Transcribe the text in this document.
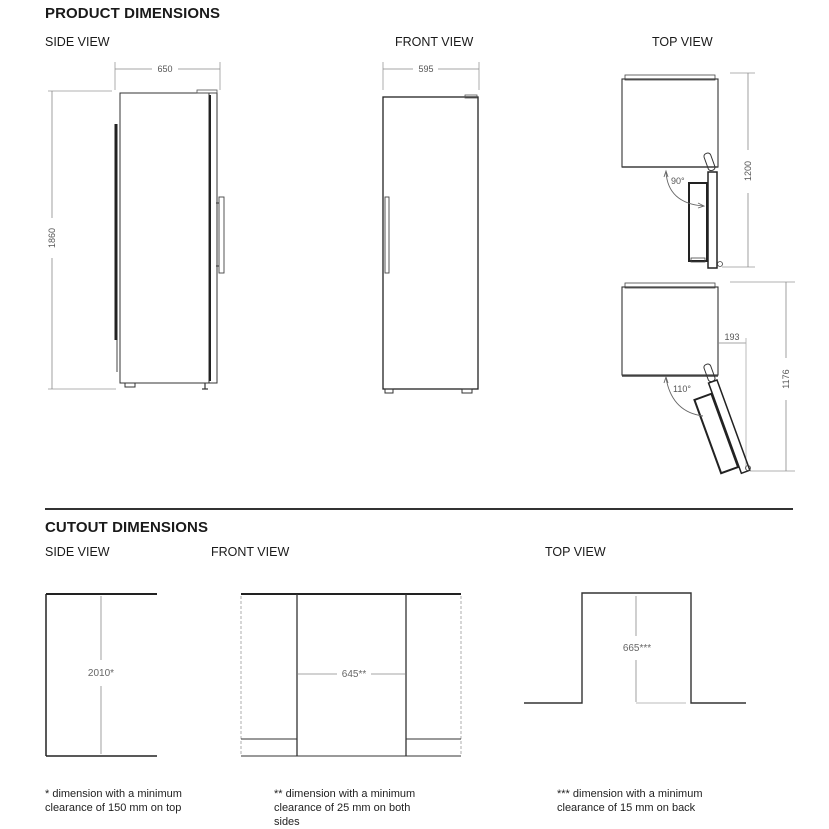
PRODUCT DIMENSIONS
SIDE VIEW	FRONT VIEW	TOP VIEW
CUTOUT DIMENSIONS
SIDE VIEW	FRONT VIEW	TOP VIEW
650
1860
595
90°	1200
193
110°
1176
2010*	645**
665***
* dimension with a minimum
clearance of 150 mm on top
** dimension with a minimum
clearance of 25 mm on both
sides
*** dimension with a minimum
clearance of 15 mm on back
